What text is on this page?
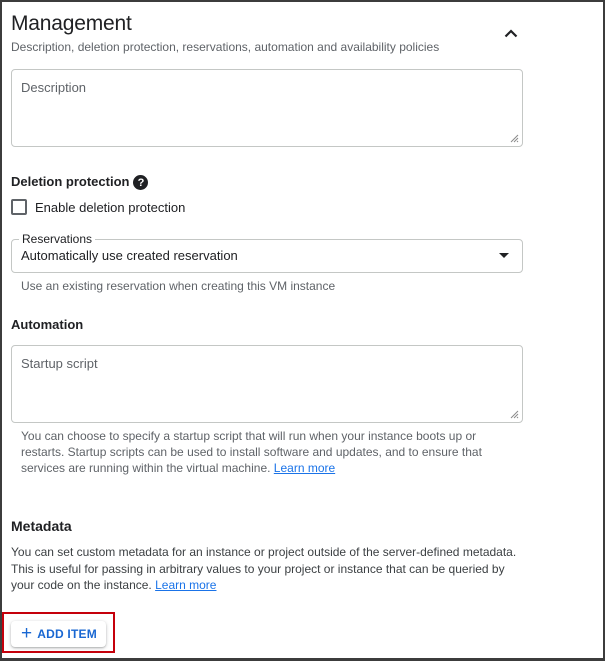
Management
Description, deletion protection, reservations, automation and availability policies
Description
Deletion protection ?
Enable deletion protection
Reservations
Automatically use created reservation
Use an existing reservation when creating this VM instance
Automation
Startup script
You can choose to specify a startup script that will run when your instance boots up or restarts. Startup scripts can be used to install software and updates, and to ensure that services are running within the virtual machine. Learn more
Metadata
You can set custom metadata for an instance or project outside of the server-defined metadata. This is useful for passing in arbitrary values to your project or instance that can be queried by your code on the instance. Learn more
+ ADD ITEM
